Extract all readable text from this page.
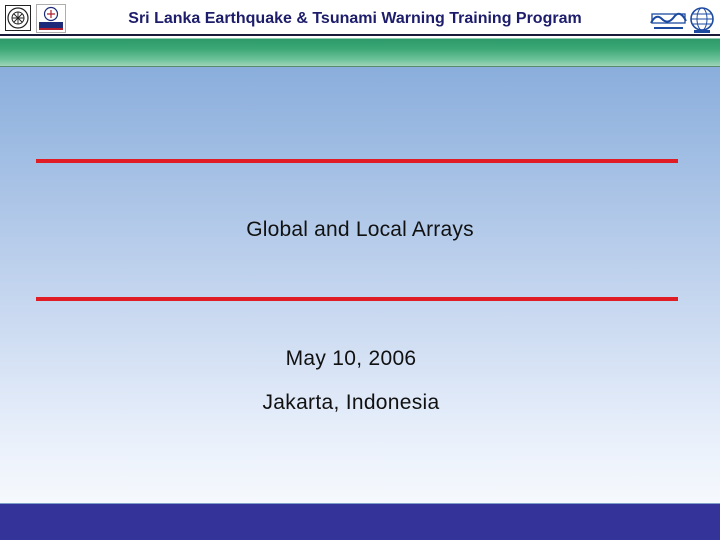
Sri Lanka Earthquake & Tsunami Warning Training Program
Global and Local Arrays
May 10, 2006
Jakarta, Indonesia
